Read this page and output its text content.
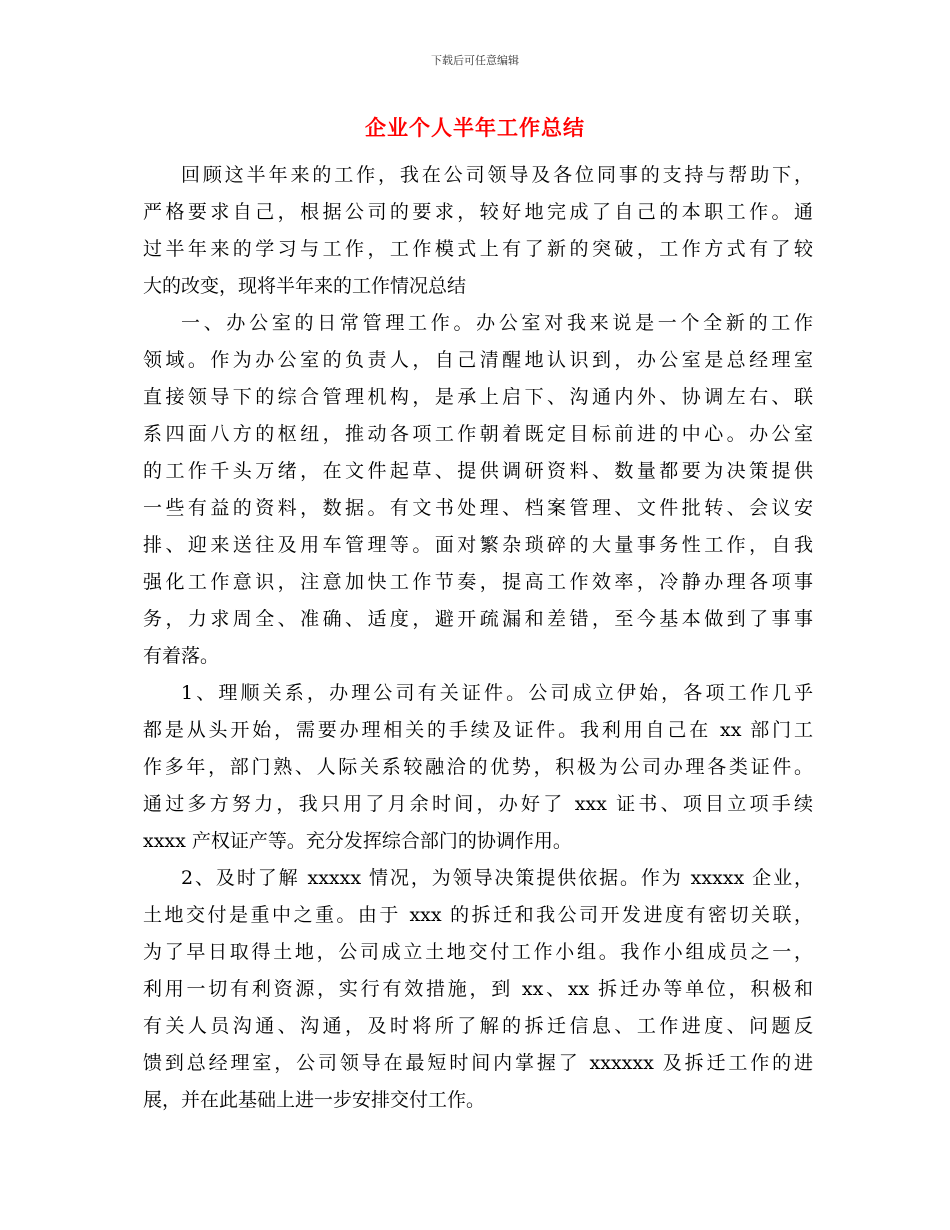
下载后可任意编辑
企业个人半年工作总结
回顾这半年来的工作，我在公司领导及各位同事的支持与帮助下，
严格要求自己，根据公司的要求，较好地完成了自己的本职工作。通
过半年来的学习与工作，工作模式上有了新的突破，工作方式有了较
大的改变，现将半年来的工作情况总结
一、办公室的日常管理工作。办公室对我来说是一个全新的工作
领域。作为办公室的负责人，自己清醒地认识到，办公室是总经理室
直接领导下的综合管理机构，是承上启下、沟通内外、协调左右、联
系四面八方的枢纽，推动各项工作朝着既定目标前进的中心。办公室
的工作千头万绪，在文件起草、提供调研资料、数量都要为决策提供
一些有益的资料，数据。有文书处理、档案管理、文件批转、会议安
排、迎来送往及用车管理等。面对繁杂琐碎的大量事务性工作，自我
强化工作意识，注意加快工作节奏，提高工作效率，冷静办理各项事
务，力求周全、准确、适度，避开疏漏和差错，至今基本做到了事事
有着落。
1、理顺关系，办理公司有关证件。公司成立伊始，各项工作几乎
都是从头开始，需要办理相关的手续及证件。我利用自己在 xx 部门工
作多年，部门熟、人际关系较融洽的优势，积极为公司办理各类证件。
通过多方努力，我只用了月余时间，办好了 xxx 证书、项目立项手续
xxxx 产权证产等。充分发挥综合部门的协调作用。
2、及时了解 xxxxx 情况，为领导决策提供依据。作为 xxxxx 企业，
土地交付是重中之重。由于 xxx 的拆迁和我公司开发进度有密切关联，
为了早日取得土地，公司成立土地交付工作小组。我作小组成员之一，
利用一切有利资源，实行有效措施，到 xx、xx 拆迁办等单位，积极和
有关人员沟通、沟通，及时将所了解的拆迁信息、工作进度、问题反
馈到总经理室，公司领导在最短时间内掌握了 xxxxxx 及拆迁工作的进
展，并在此基础上进一步安排交付工作。
